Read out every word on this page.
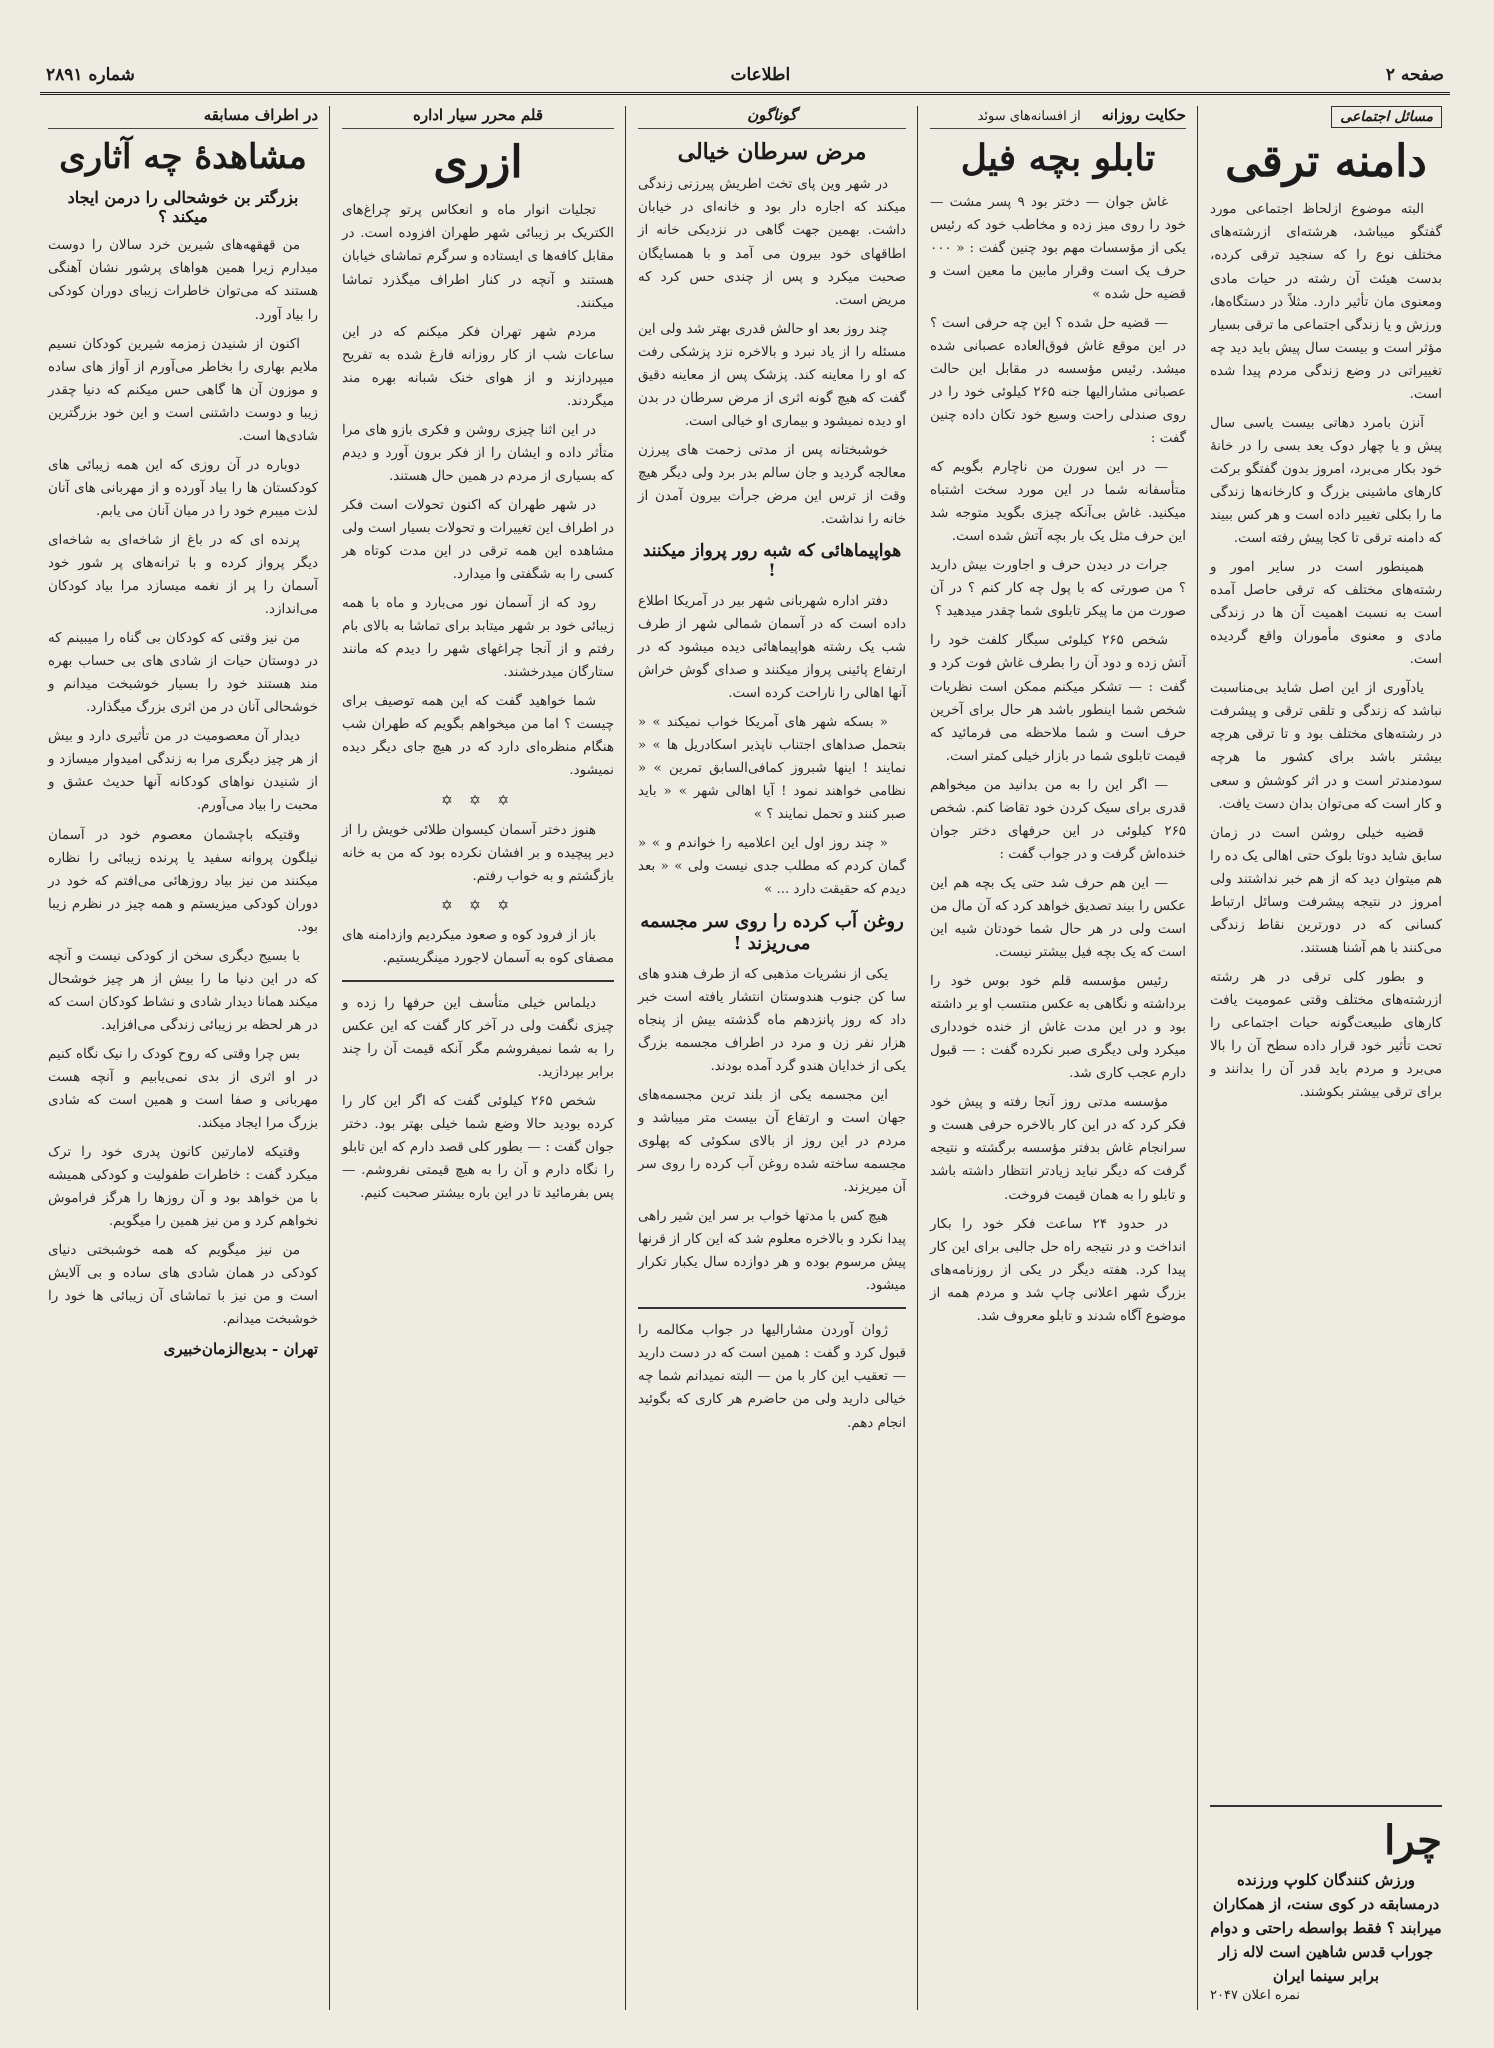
صفحه ۲
اطلاعات
شماره ۲۸۹۱
مسائل اجتماعی
دامنه ترقی

البته موضوع ازلحاظ اجتماعی مورد گفتگو میباشد، هرشته‌ای ازرشته‌های مختلف نوع را که سنجید ترقی کرده، بدست هیئت آن رشته در حیات مادی ومعنوی مان تأثیر دارد. مثلاً در دستگاه‌ها، ورزش و یا زندگی اجتماعی ما ترقی بسیار مؤثر است و بیست سال پیش باید دید چه تغییراتی در وضع زندگی مردم پیدا شده است.

آنزن بامرد دهاتی بیست یاسی سال پیش و یا چهار دوک یعد بسی را در خانهٔ خود بکار می‌برد، امروز بدون گفتگو برکت کارهای ماشینی بزرگ و کارخانه‌ها زندگی ما را بکلی تغییر داده است و هر کس ببیند که دامنه ترقی تا کجا پیش رفته است.

همینطور است در سایر امور و رشته‌های مختلف که ترقی حاصل آمده است به نسبت اهمیت آن ها در زندگی مادی و معنوی مأموران واقع گردیده است.

یادآوری از این اصل شاید بی‌مناسبت نباشد که زندگی و تلقی ترقی و پیشرفت در رشته‌های مختلف بود و تا ترقی هرچه بیشتر باشد برای کشور ما هرچه سودمندتر است و در اثر کوشش و سعی و کار است که می‌توان بدان دست یافت.

قضیه خیلی روشن است در زمان سابق شاید دوتا بلوک حتی اهالی یک ده را هم میتوان دید که از هم خبر نداشتند ولی امروز در نتیجه پیشرفت وسائل ارتباط کسانی که در دورترین نقاط زندگی می‌کنند با هم آشنا هستند.

و بطور کلی ترقی در هر رشته ازرشته‌های مختلف وقتی عمومیت یافت کارهای طبیعت‌گونه حیات اجتماعی را تحت تأثیر خود قرار داده سطح آن را بالا می‌برد و مردم باید قدر آن را بدانند و برای ترقی بیشتر بکوشند.

چرا
ورزش کنندگان کلوپ ورزنده درمسابقه در کوی سنت، از همکاران میرابند ؟ فقط بواسطه راحتی و دوام جوراب قدس شاهین است لاله زار برابر سینما ایران
نمره اعلان ۲۰۴۷
حکایت روزانه    از افسانه‌های سوئد
تابلو بچه فیل

غاش جوان — دختر بود ۹ پسر مشت — خود را روی میز زده و مخاطب خود که رئیس یکی از مؤسسات مهم بود چنین گفت : « ۰۰۰ حرف یک است وقرار مابین ما معین است و قضیه حل شده »

— قضیه حل شده ؟ این چه حرفی است ؟ در این موقع غاش فوق‌العاده عصبانی شده میشد. رئیس مؤسسه در مقابل این حالت عصبانی مشارالیها جنه ۲۶۵ کیلوئی خود را در روی صندلی راحت وسیع خود تکان داده چنین گفت :

— در این سورن من ناچارم بگویم که متأسفانه شما در این مورد سخت اشتباه میکنید. غاش بی‌آنکه چیزی بگوید متوجه شد این حرف مثل یک بار بچه آتش شده است.

جرات در دیدن حرف و اجاورت بیش دارید ؟ من صورتی که با پول چه کار کنم ؟ در آن صورت من ما پیکر تابلوی شما چقدر میدهید ؟

شخص ۲۶۵ کیلوئی سیگار کلفت خود را آتش زده و دود آن را بطرف غاش فوت کرد و گفت : — تشکر میکنم ممکن است نظریات شخص شما اینطور باشد هر حال برای آخرین حرف است و شما ملاحظه می فرمائید که قیمت تابلوی شما در بازار خیلی کمتر است.

— اگر این را به من بدانید من میخواهم قدری برای سیک کردن خود تقاضا کنم. شخص ۲۶۵ کیلوئی در این حرفهای دختر جوان خنده‌اش گرفت و در جواب گفت :

— این هم حرف شد حتی یک بچه هم این عکس را بیند تصدیق خواهد کرد که آن مال من است ولی در هر حال شما خودتان شیه این است که یک بچه فیل بیشتر نیست.

رئیس مؤسسه قلم خود بوس خود را برداشته و نگاهی به عکس منتسب او بر داشته بود و در این مدت غاش از خنده خودداری میکرد ولی دیگری صبر نکرده گفت : — قبول دارم عجب کاری شد.

مؤسسه مدتی روز آنجا رفته و پیش خود فکر کرد که در این کار بالاخره حرفی هست و سرانجام غاش بدفتر مؤسسه برگشته و نتیجه گرفت که دیگر نباید زیادتر انتظار داشته باشد و تابلو را به همان قیمت فروخت.

در حدود ۲۴ ساعت فکر خود را بکار انداخت و در نتیجه راه حل جالبی برای این کار پیدا کرد. هفته دیگر در یکی از روزنامه‌های بزرگ شهر اعلانی چاپ شد و مردم همه از موضوع آگاه شدند و تابلو معروف شد.

گوناگون
مرض سرطان خیالی

در شهر وین پای تخت اطریش پیرزنی زندگی میکند که اجاره دار بود و خانه‌ای در خیابان داشت. بهمین جهت گاهی در نزدیکی خانه از اطاقهای خود بیرون می آمد و با همسایگان صحبت میکرد و پس از چندی حس کرد که مریض است.

چند روز بعد او حالش قدری بهتر شد ولی این مسئله را از یاد نبرد و بالاخره نزد پزشکی رفت که او را معاینه کند. پزشک پس از معاینه دقیق گفت که هیچ گونه اثری از مرض سرطان در بدن او دیده نمیشود و بیماری او خیالی است.

خوشبختانه پس از مدتی زحمت های پیرزن معالجه گردید و جان سالم بدر برد ولی دیگر هیچ وقت از ترس این مرض جرأت بیرون آمدن از خانه را نداشت.

هواپیماهائی که شبه رور پرواز میکنند !

دفتر اداره شهربانی شهر بیر در آمریکا اطلاع داده است که در آسمان شمالی شهر از طرف شب یک رشته هواپیماهائی دیده میشود که در ارتفاع پائینی پرواز میکنند و صدای گوش خراش آنها اهالی را ناراحت کرده است.

« بسکه شهر های آمریکا خواب نمیکند » « بتحمل صداهای اجتناب ناپذیر اسکادریل ها » « نمایند ! اینها شبروز کمافی‌السابق تمرین » « نظامی خواهند نمود ! آیا اهالی شهر » « باید صبر کنند و تحمل نمایند ؟ »

« چند روز اول این اعلامیه را خواندم و » « گمان کردم که مطلب جدی نیست ولی » « بعد دیدم که حقیقت دارد ... »

روغن آب کرده را روی سر مجسمه می‌ریزند !

یکی از نشریات مذهبی که از طرف هندو های سا کن جنوب هندوستان انتشار یافته است خبر داد که روز پانزدهم ماه گذشته بیش از پنجاه هزار نفر زن و مرد در اطراف مجسمه بزرگ یکی از خدایان هندو گرد آمده بودند.

این مجسمه یکی از بلند ترین مجسمه‌های جهان است و ارتفاع آن بیست متر میباشد و مردم در این روز از بالای سکوئی که پهلوی مجسمه ساخته شده روغن آب کرده را روی سر آن میریزند.

هیچ کس با مدتها خواب بر سر این شیر راهی پیدا نکرد و بالاخره معلوم شد که این کار از قرنها پیش مرسوم بوده و هر دوازده سال یکبار تکرار میشود.

ژوان آوردن مشارالیها در جواب مکالمه را قبول کرد و گفت : همین است که در دست دارید — تعقیب این کار با من — البته نمیدانم شما چه خیالی دارید ولی من حاضرم هر کاری که بگوئید انجام دهم.

قلم محرر سیار اداره
ازری

تجلیات انوار ماه و انعکاس پرتو چراغ‌های الکتریک بر زیبائی شهر طهران افزوده است. در مقابل کافه‌ها ی ایستاده و سرگرم تماشای خیابان هستند و آنچه در کنار اطراف میگذرد تماشا میکنند.

مردم شهر تهران فکر میکنم که در این ساعات شب از کار روزانه فارغ شده به تفریح میپردازند و از هوای خنک شبانه بهره مند میگردند.

در این اثنا چیزی روشن و فکری بازو های مرا متأثر داده و ایشان را از فکر برون آورد و دیدم که بسیاری از مردم در همین حال هستند.

در شهر طهران که اکنون تحولات است فکر در اطراف این تغییرات و تحولات بسیار است ولی مشاهده این همه ترقی در این مدت کوتاه هر کسی را به شگفتی وا میدارد.

رود که از آسمان نور می‌بارد و ماه با همه زیبائی خود بر شهر میتابد برای تماشا به بالای بام رفتم و از آنجا چراغهای شهر را دیدم که مانند ستارگان میدرخشند.

شما خواهید گفت که این همه توصیف برای چیست ؟ اما من میخواهم بگویم که طهران شب هنگام منظره‌ای دارد که در هیچ جای دیگر دیده نمیشود.

✡ ✡ ✡

هنوز دختر آسمان کیسوان طلائی خویش را از دیر پیچیده و بر افشان نکرده بود که من به خانه بازگشتم و به خواب رفتم.

✡ ✡ ✡

باز از فرود کوه و صعود میکردیم وازدامنه های مصفای کوه به آسمان لاجورد مینگریستیم.

دیلماس خیلی متأسف این حرفها را زده و چیزی نگفت ولی در آخر کار گفت که این عکس را به شما نمیفروشم مگر آنکه قیمت آن را چند برابر بپردازید.

شخص ۲۶۵ کیلوئی گفت که اگر این کار را کرده بودید حالا وضع شما خیلی بهتر بود. دختر جوان گفت : — بطور کلی قصد دارم که این تابلو را نگاه دارم و آن را به هیچ قیمتی نفروشم. — پس بفرمائید تا در این باره بیشتر صحبت کنیم.

در اطراف مسابقه
مشاهدهٔ چه آثاری
بزرگتر بن خوشحالی را درمن ایجاد میکند ؟

من قهقهه‌های شیرین خرد سالان را دوست میدارم زیرا همین هواهای پرشور نشان آهنگی هستند که می‌توان خاطرات زیبای دوران کودکی را بیاد آورد.

اکنون از شنیدن زمزمه شیرین کودکان نسیم ملایم بهاری را بخاطر می‌آورم از آواز های ساده و موزون آن ها گاهی حس میکنم که دنیا چقدر زیبا و دوست داشتنی است و این خود بزرگترین شادی‌ها است.

دوباره در آن روزی که این همه زیبائی های کودکستان ها را بیاد آورده و از مهربانی های آنان لذت میبرم خود را در میان آنان می یابم.

پرنده ای که در باغ از شاخه‌ای به شاخه‌ای دیگر پرواز کرده و با ترانه‌های پر شور خود آسمان را پر از نغمه میسازد مرا بیاد کودکان می‌اندازد.

من نیز وقتی که کودکان بی گناه را میبینم که در دوستان حیات از شادی های بی حساب بهره مند هستند خود را بسیار خوشبخت میدانم و خوشحالی آنان در من اثری بزرگ میگذارد.

دیدار آن معصومیت در من تأثیری دارد و بیش از هر چیز دیگری مرا به زندگی امیدوار میسازد و از شنیدن نواهای کودکانه آنها حدیث عشق و محبت را بیاد می‌آورم.

وقتیکه باچشمان معصوم خود در آسمان نیلگون پروانه سفید یا پرنده زیبائی را نظاره میکنند من نیز بیاد روزهائی می‌افتم که خود در دوران کودکی میزیستم و همه چیز در نظرم زیبا بود.

با بسیج دیگری سخن از کودکی نیست و آنچه که در این دنیا ما را بیش از هر چیز خوشحال میکند همانا دیدار شادی و نشاط کودکان است که در هر لحظه بر زیبائی زندگی می‌افزاید.

بس چرا وقتی که روح کودک را نیک نگاه کنیم در او اثری از بدی نمی‌یابیم و آنچه هست مهربانی و صفا است و همین است که شادی بزرگ مرا ایجاد میکند.

وقتیکه لامارتین کانون پدری خود را ترک میکرد گفت : خاطرات طفولیت و کودکی همیشه با من خواهد بود و آن روزها را هرگز فراموش نخواهم کرد و من نیز همین را میگویم.

من نیز میگویم که همه خوشبختی دنیای کودکی در همان شادی های ساده و بی آلایش است و من نیز با تماشای آن زیبائی ها خود را خوشبخت میدانم.

تهران - بدیع‌الزمان‌خبیری
